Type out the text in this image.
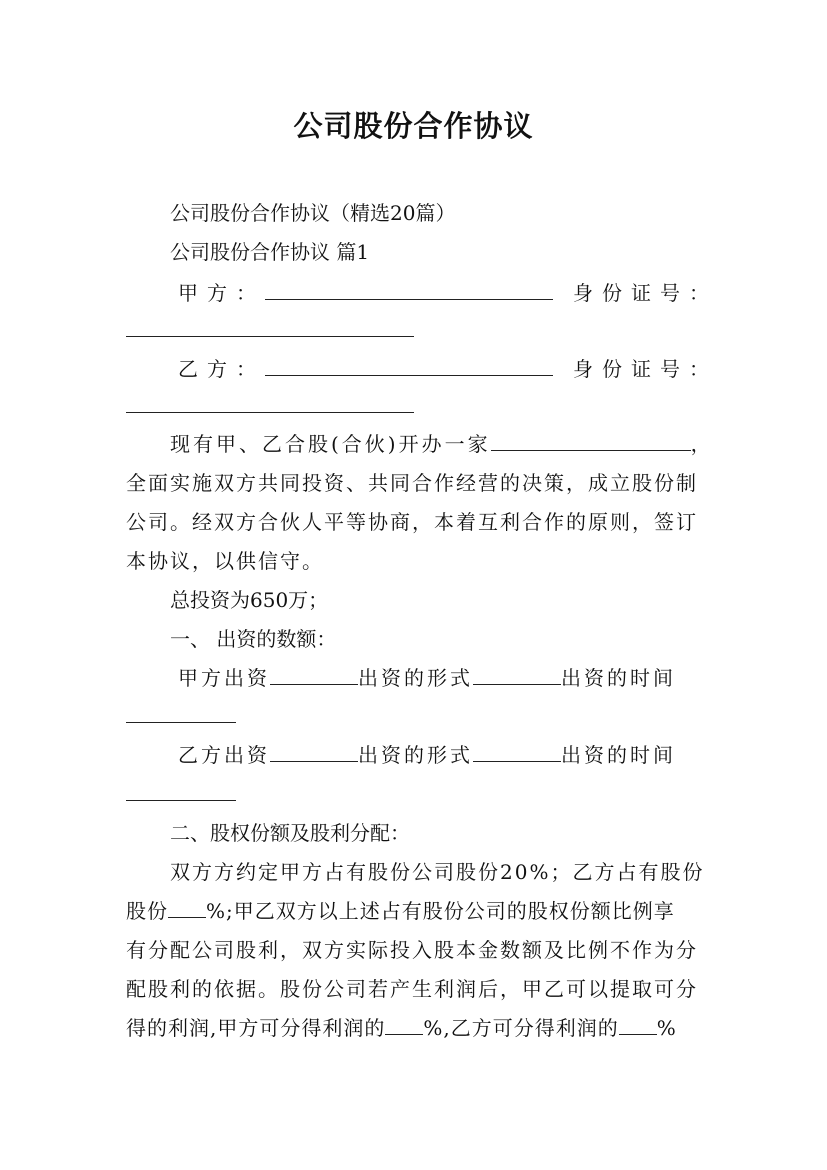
公司股份合作协议
公司股份合作协议（精选20篇）
公司股份合作协议 篇1
甲方：	身份证号：
乙方：	身份证号：
现有甲、乙合股(合伙)开办一家	，
全面实施双方共同投资、共同合作经营的决策，成立股份制
公司。经双方合伙人平等协商，本着互利合作的原则，签订
本协议，以供信守。
总投资为650万；
一、 出资的数额：
甲方出资	出资的形式	出资的时间
乙方出资	出资的形式	出资的时间
二、股权份额及股利分配：
双方方约定甲方占有股份公司股份20%；乙方占有股份
股份 %;甲乙双方以上述占有股份公司的股权份额比例享
有分配公司股利，双方实际投入股本金数额及比例不作为分
配股利的依据。股份公司若产生利润后，甲乙可以提取可分
得的利润,甲方可分得利润的 %,乙方可分得利润的 %
